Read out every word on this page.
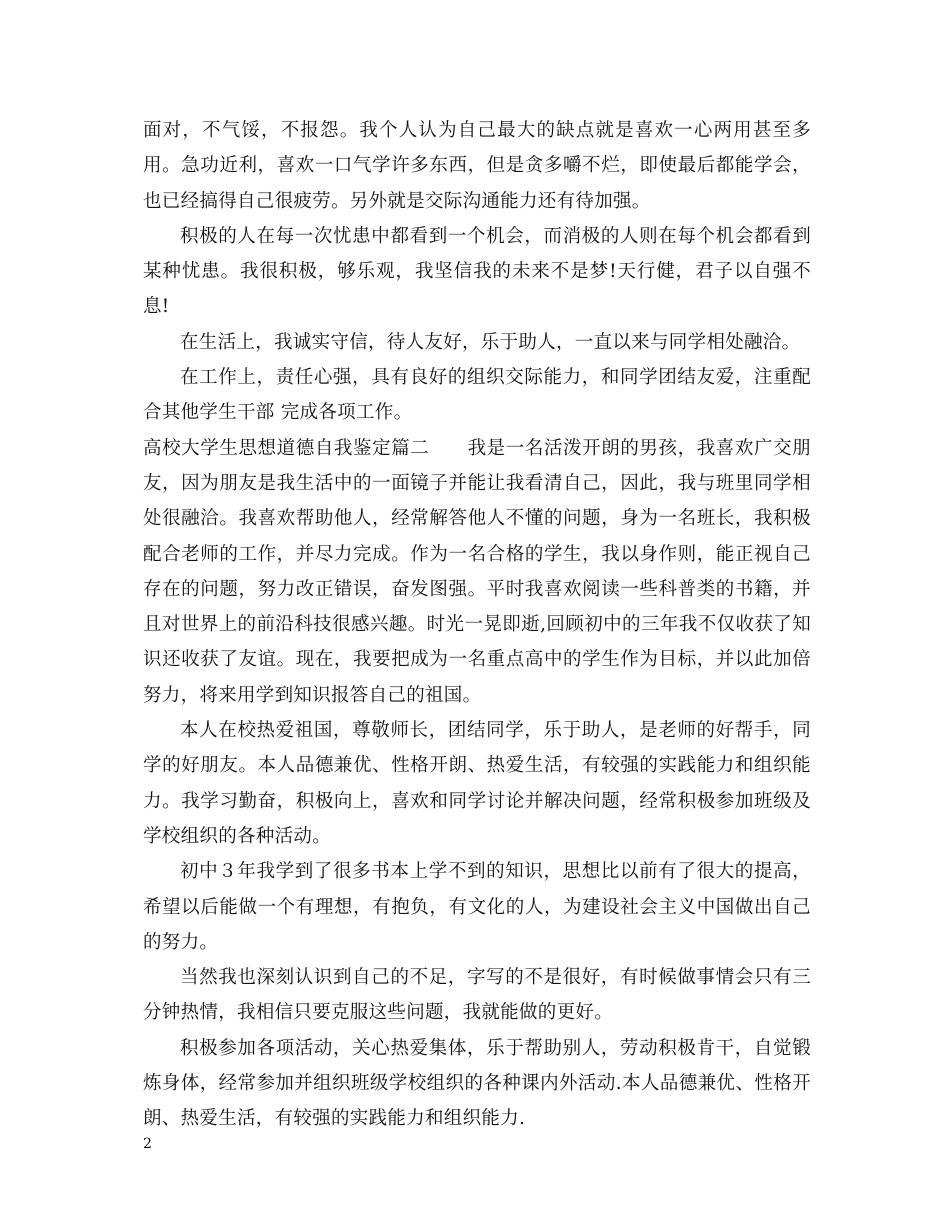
面对，不气馁，不报怨。我个人认为自己最大的缺点就是喜欢一心两用甚至多用。急功近利，喜欢一口气学许多东西，但是贪多嚼不烂，即使最后都能学会，也已经搞得自己很疲劳。另外就是交际沟通能力还有待加强。

积极的人在每一次忧患中都看到一个机会，而消极的人则在每个机会都看到某种忧患。我很积极，够乐观，我坚信我的未来不是梦!天行健，君子以自强不息!

在生活上，我诚实守信，待人友好，乐于助人，一直以来与同学相处融洽。

在工作上，责任心强，具有良好的组织交际能力，和同学团结友爱，注重配合其他学生干部 完成各项工作。

高校大学生思想道德自我鉴定篇二　　我是一名活泼开朗的男孩，我喜欢广交朋友，因为朋友是我生活中的一面镜子并能让我看清自己，因此，我与班里同学相处很融洽。我喜欢帮助他人，经常解答他人不懂的问题，身为一名班长，我积极配合老师的工作，并尽力完成。作为一名合格的学生，我以身作则，能正视自己存在的问题，努力改正错误，奋发图强。平时我喜欢阅读一些科普类的书籍，并且对世界上的前沿科技很感兴趣。时光一晃即逝,回顾初中的三年我不仅收获了知识还收获了友谊。现在，我要把成为一名重点高中的学生作为目标，并以此加倍努力，将来用学到知识报答自己的祖国。

本人在校热爱祖国，尊敬师长，团结同学，乐于助人，是老师的好帮手，同学的好朋友。本人品德兼优、性格开朗、热爱生活，有较强的实践能力和组织能力。我学习勤奋，积极向上，喜欢和同学讨论并解决问题，经常积极参加班级及学校组织的各种活动。

初中３年我学到了很多书本上学不到的知识，思想比以前有了很大的提高，希望以后能做一个有理想，有抱负，有文化的人，为建设社会主义中国做出自己的努力。

当然我也深刻认识到自己的不足，字写的不是很好，有时候做事情会只有三分钟热情，我相信只要克服这些问题，我就能做的更好。

积极参加各项活动，关心热爱集体，乐于帮助别人，劳动积极肯干，自觉锻炼身体，经常参加并组织班级学校组织的各种课内外活动.本人品德兼优、性格开朗、热爱生活，有较强的实践能力和组织能力.

2
